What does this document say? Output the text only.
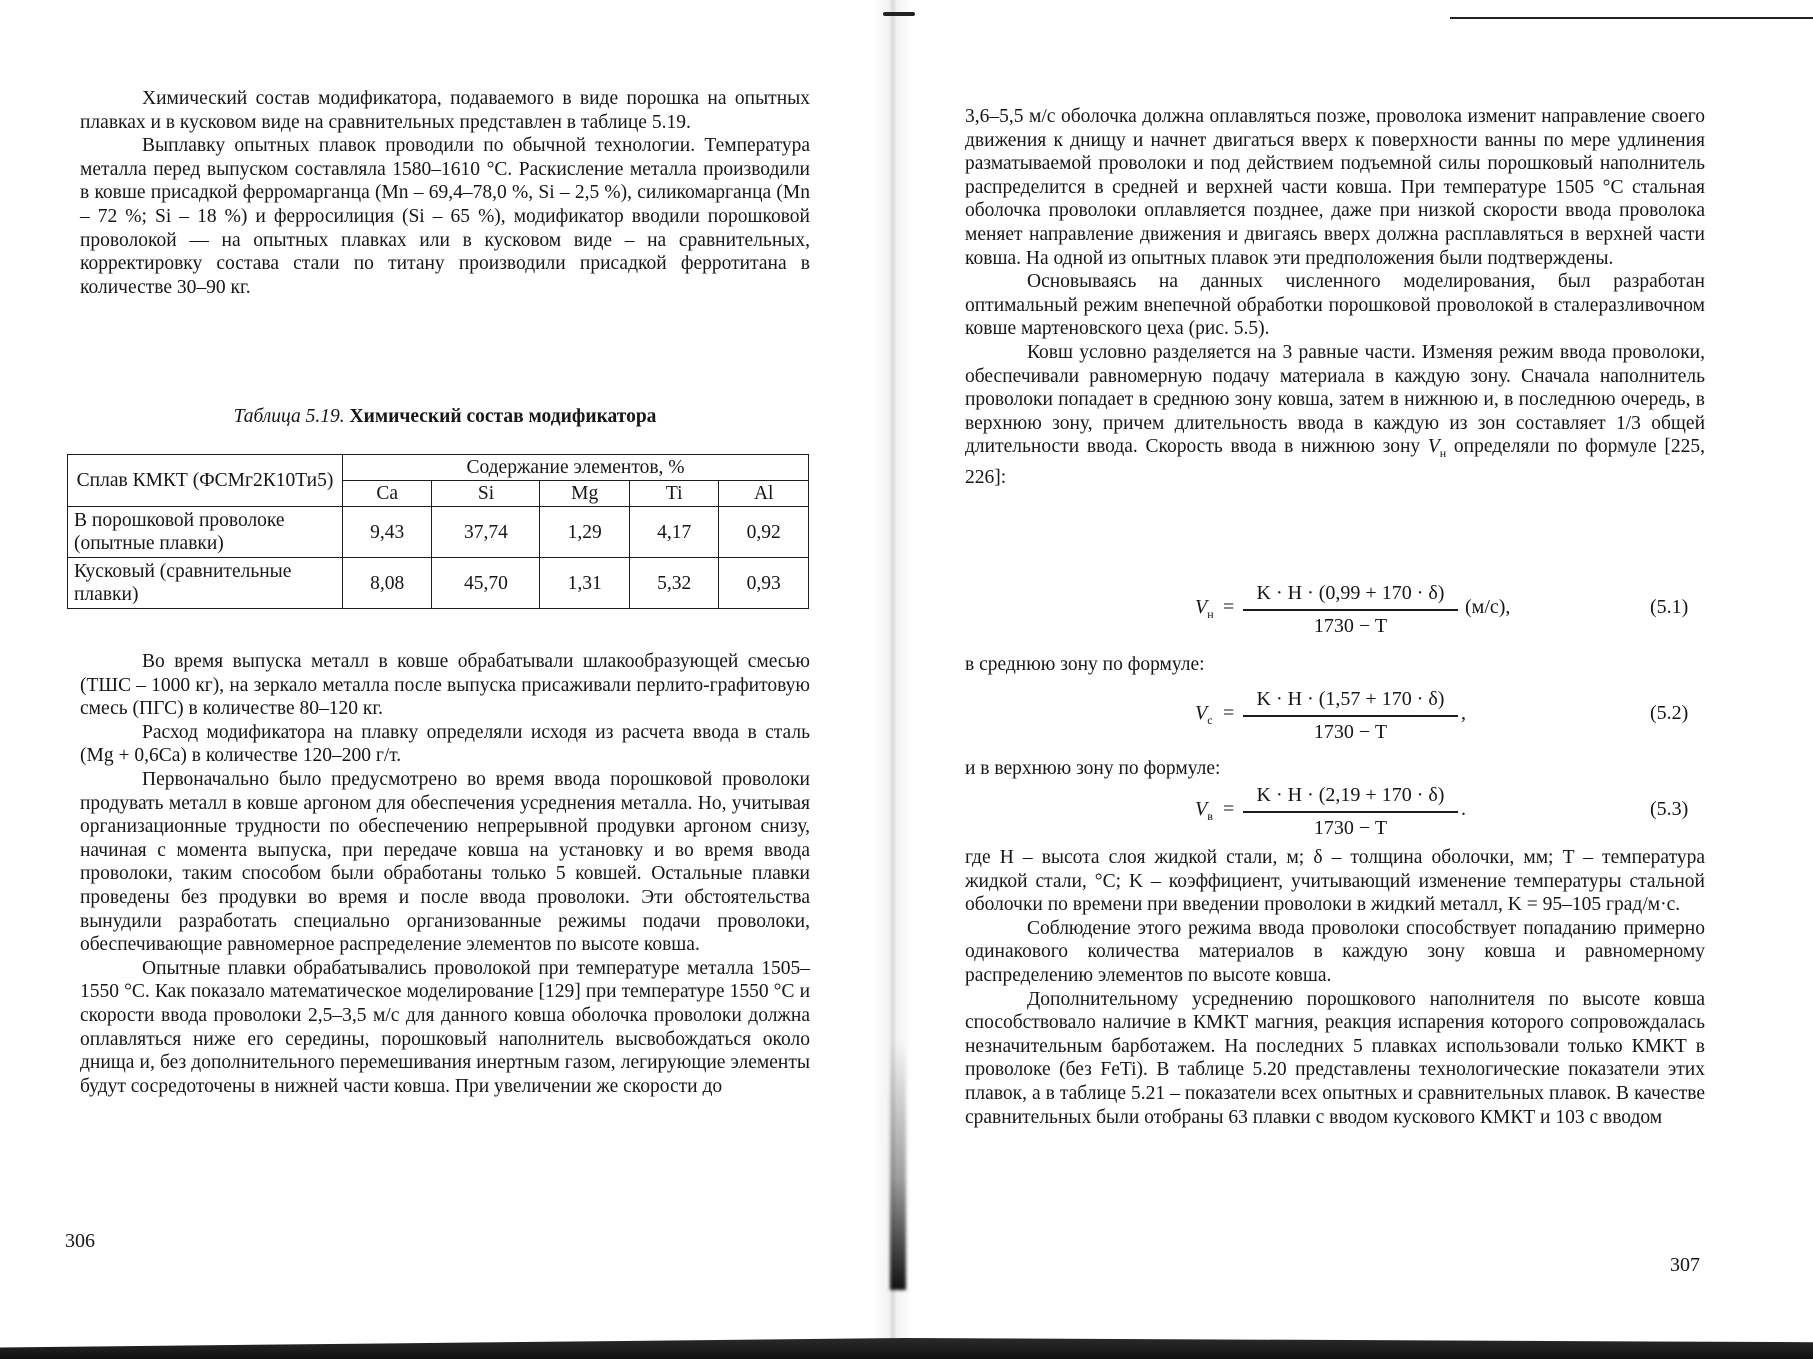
Химический состав модификатора, подаваемого в виде порошка на опытных плавках и в кусковом виде на сравнительных представлен в таблице 5.19.

Выплавку опытных плавок проводили по обычной технологии. Температура металла перед выпуском составляла 1580–1610 °С. Раскисление металла производили в ковше присадкой ферромарганца (Mn – 69,4–78,0 %, Si – 2,5 %), силикомарганца (Mn – 72 %; Si – 18 %) и ферросилиция (Si – 65 %), модификатор вводили порошковой проволокой — на опытных плавках или в кусковом виде – на сравнительных, корректировку состава стали по титану производили присадкой ферротитана в количестве 30–90 кг.

Таблица 5.19. Химический состав модификатора
Сплав КМКТ (ФСМг2К10Ти5)	Содержание элементов, %				
	Ca	Si	Mg	Ti	Al
В порошковой проволоке (опытные плавки)	9,43	37,74	1,29	4,17	0,92
Кусковый (сравнительные плавки)	8,08	45,70	1,31	5,32	0,93

Во время выпуска металл в ковше обрабатывали шлакообразующей смесью (ТШС – 1000 кг), на зеркало металла после выпуска присаживали перлито-графитовую смесь (ПГС) в количестве 80–120 кг.

Расход модификатора на плавку определяли исходя из расчета ввода в сталь (Mg + 0,6Ca) в количестве 120–200 г/т.

Первоначально было предусмотрено во время ввода порошковой проволоки продувать металл в ковше аргоном для обеспечения усреднения металла. Но, учитывая организационные трудности по обеспечению непрерывной продувки аргоном снизу, начиная с момента выпуска, при передаче ковша на установку и во время ввода проволоки, таким способом были обработаны только 5 ковшей. Остальные плавки проведены без продувки во время и после ввода проволоки. Эти обстоятельства вынудили разработать специально организованные режимы подачи проволоки, обеспечивающие равномерное распределение элементов по высоте ковша.

Опытные плавки обрабатывались проволокой при температуре металла 1505–1550 °С. Как показало математическое моделирование [129] при температуре 1550 °С и скорости ввода проволоки 2,5–3,5 м/с для данного ковша оболочка проволоки должна оплавляться ниже его середины, порошковый наполнитель высвобождаться около днища и, без дополнительного перемешивания инертным газом, легирующие элементы будут сосредоточены в нижней части ковша. При увеличении же скорости до

306

3,6–5,5 м/с оболочка должна оплавляться позже, проволока изменит направление своего движения к днищу и начнет двигаться вверх к поверхности ванны по мере удлинения разматываемой проволоки и под действием подъемной силы порошковый наполнитель распределится в средней и верхней части ковша. При температуре 1505 °С стальная оболочка проволоки оплавляется позднее, даже при низкой скорости ввода проволока меняет направление движения и двигаясь вверх должна расплавляться в верхней части ковша. На одной из опытных плавок эти предположения были подтверждены.

Основываясь на данных численного моделирования, был разработан оптимальный режим внепечной обработки порошковой проволокой в сталеразливочном ковше мартеновского цеха (рис. 5.5).

Ковш условно разделяется на 3 равные части. Изменяя режим ввода проволоки, обеспечивали равномерную подачу материала в каждую зону. Сначала наполнитель проволоки попадает в среднюю зону ковша, затем в нижнюю и, в последнюю очередь, в верхнюю зону, причем длительность ввода в каждую из зон составляет 1/3 общей длительности ввода. Скорость ввода в нижнюю зону $V_н$ определяли по формуле [225, 226]:

$V_н$ =
K · H · (0,99 + 170 · δ)
1730 − T
(м/с),	(5.1)
в среднюю зону по формуле:
$V_с$ =
K · H · (1,57 + 170 · δ)
1730 − T
,	(5.2)
и в верхнюю зону по формуле:
$V_в$ =
K · H · (2,19 + 170 · δ)
1730 − T
.	(5.3)

где H – высота слоя жидкой стали, м; δ – толщина оболочки, мм; T – температура жидкой стали, °С; K – коэффициент, учитывающий изменение температуры стальной оболочки по времени при введении проволоки в жидкий металл, K = 95–105 град/м·с.

Соблюдение этого режима ввода проволоки способствует попаданию примерно одинакового количества материалов в каждую зону ковша и равномерному распределению элементов по высоте ковша.

Дополнительному усреднению порошкового наполнителя по высоте ковша способствовало наличие в КМКТ магния, реакция испарения которого сопровождалась незначительным барботажем. На последних 5 плавках использовали только КМКТ в проволоке (без FeTi). В таблице 5.20 представлены технологические показатели этих плавок, а в таблице 5.21 – показатели всех опытных и сравнительных плавок. В качестве сравнительных были отобраны 63 плавки с вводом кускового КМКТ и 103 с вводом

307
